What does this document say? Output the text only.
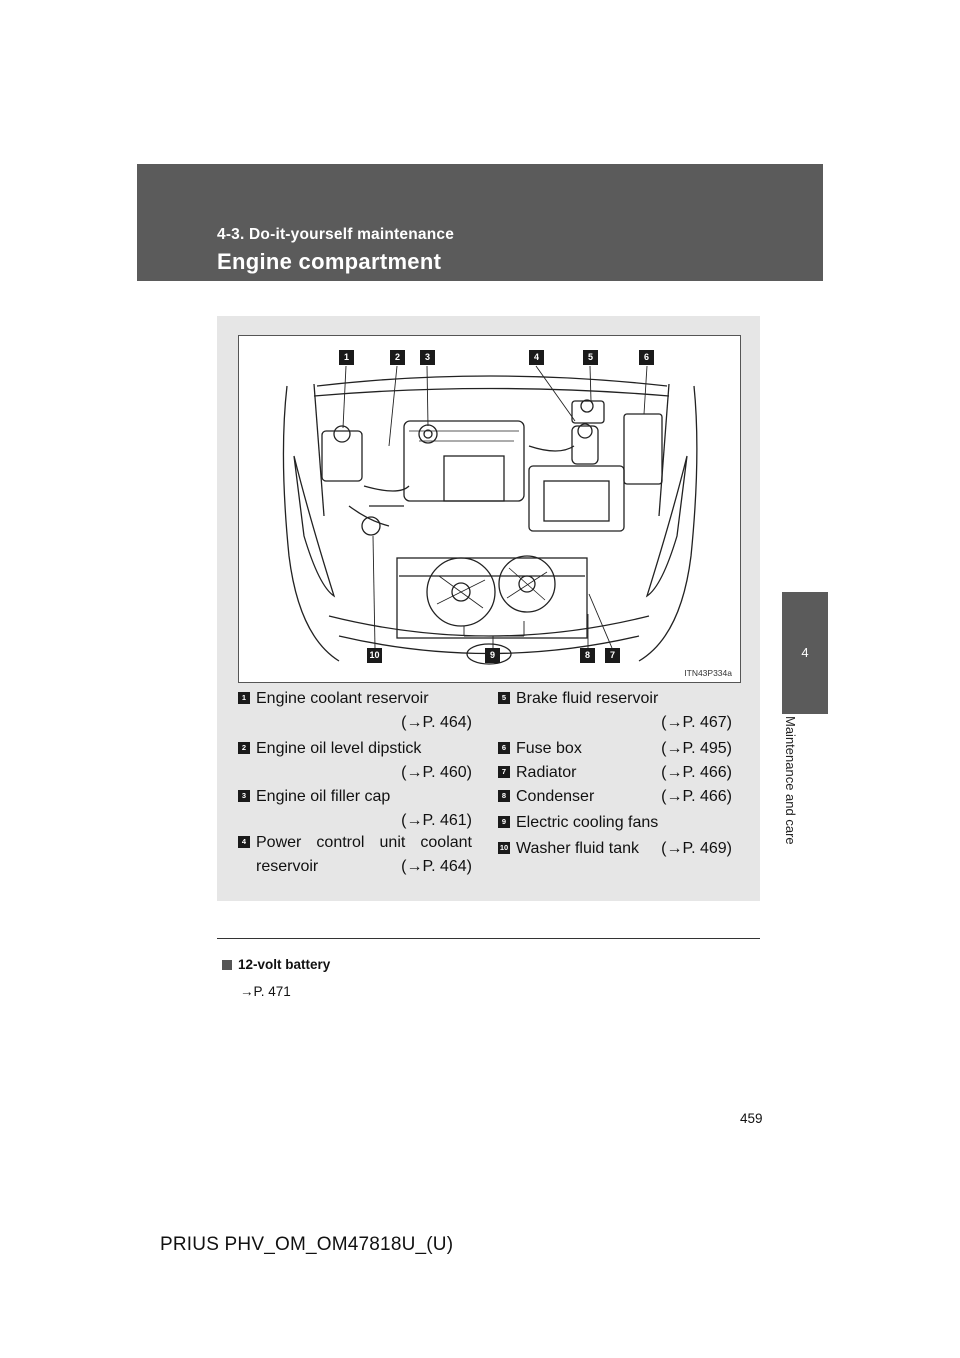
4-3. Do-it-yourself maintenance
Engine compartment
4
Maintenance and care
1	2	3	4	5	6
10	9	8	7
ITN43P334a
1 Engine coolant reservoir
(→P. 464)
2 Engine oil level dipstick
(→P. 460)
3 Engine oil filler cap
(→P. 461)
4 Power control unit coolant
reservoir	(→P. 464)
5 Brake fluid reservoir
(→P. 467)
6 Fuse box	(→P. 495)
7 Radiator	(→P. 466)
8 Condenser	(→P. 466)
9 Electric cooling fans
10 Washer fluid tank (→P. 469)
12-volt battery
→P. 471
459
PRIUS PHV_OM_OM47818U_(U)
